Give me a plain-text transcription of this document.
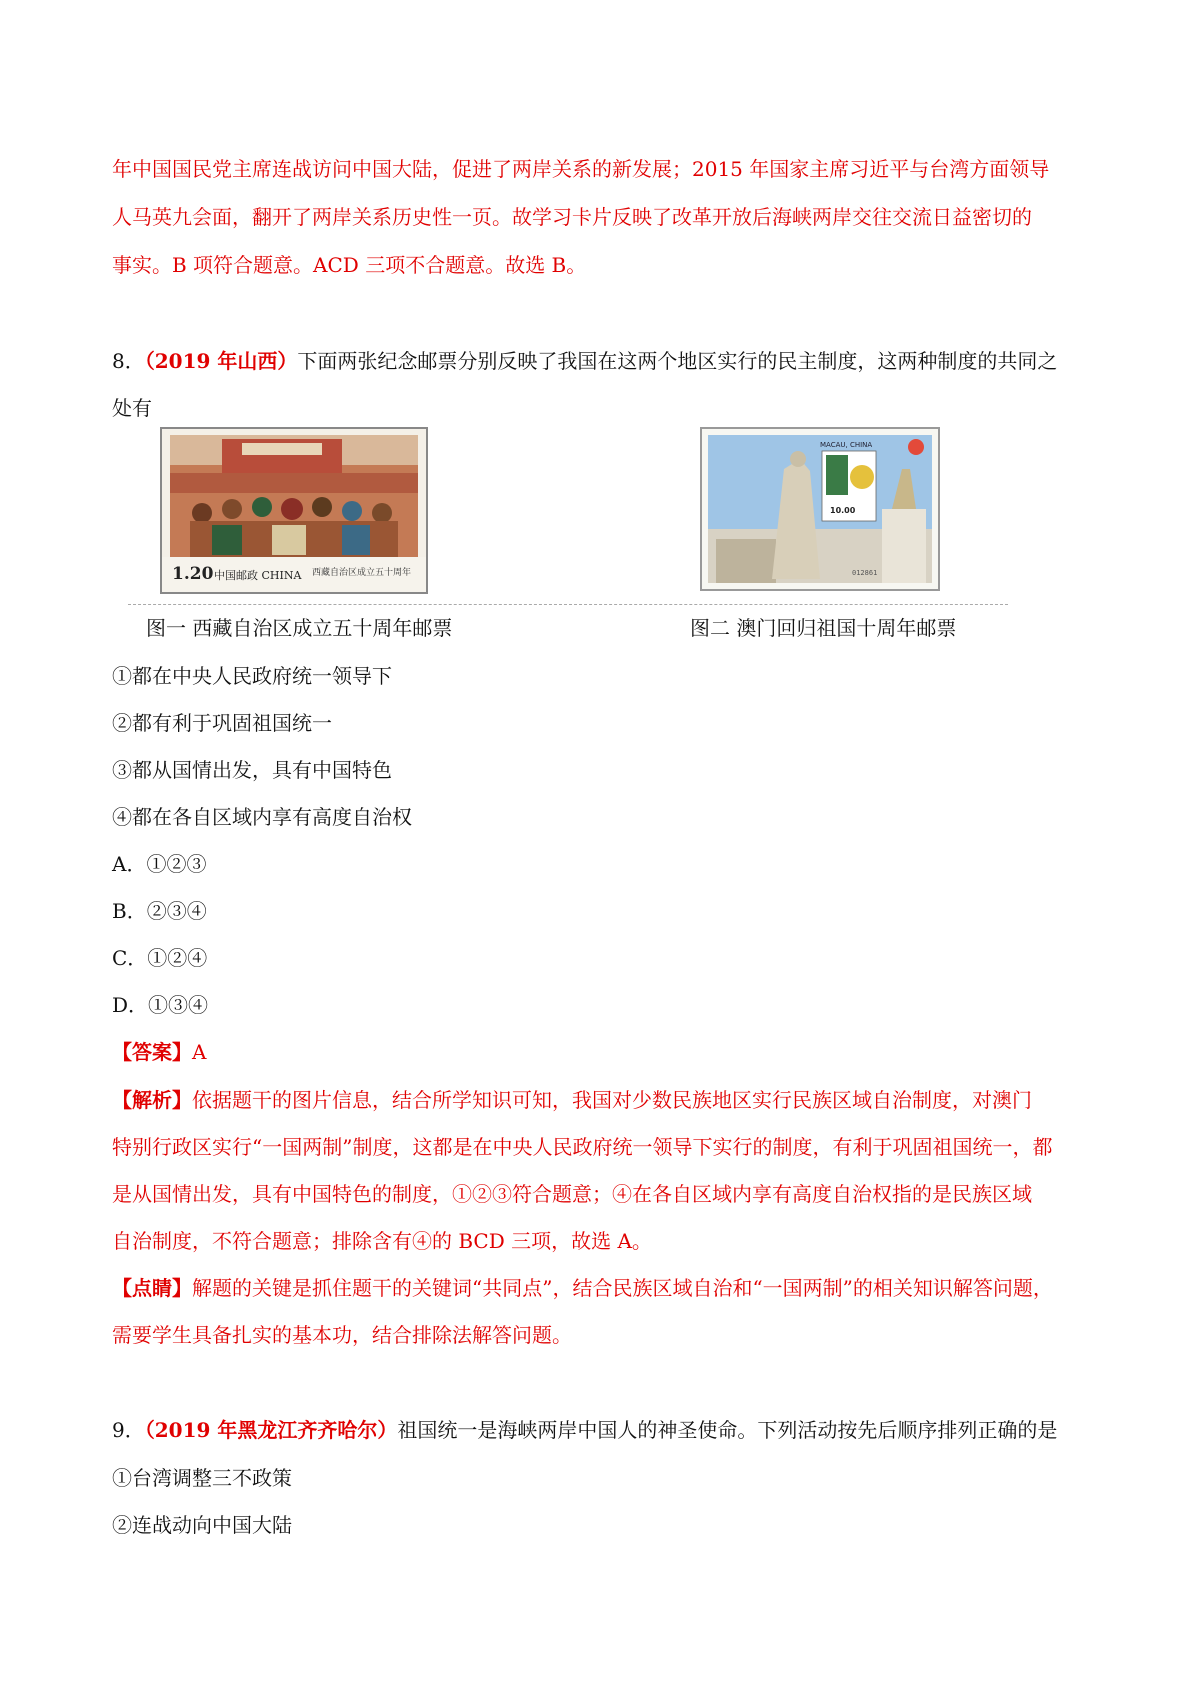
年中国国民党主席连战访问中国大陆，促进了两岸关系的新发展；2015 年国家主席习近平与台湾方面领导
人马英九会面，翻开了两岸关系历史性一页。故学习卡片反映了改革开放后海峡两岸交往交流日益密切的
事实。B 项符合题意。ACD 三项不合题意。故选 B。
8．（2019 年山西）下面两张纪念邮票分别反映了我国在这两个地区实行的民主制度，这两种制度的共同之
处有
1.20 中国邮政 CHINA 西藏自治区成立五十周年
10.00
MACAU, CHINA
012861
图一 西藏自治区成立五十周年邮票	图二 澳门回归祖国十周年邮票
①都在中央人民政府统一领导下
②都有利于巩固祖国统一
③都从国情出发，具有中国特色
④都在各自区域内享有高度自治权
A．①②③
B．②③④
C．①②④
D．①③④
【答案】A
【解析】依据题干的图片信息，结合所学知识可知，我国对少数民族地区实行民族区域自治制度，对澳门
特别行政区实行“一国两制”制度，这都是在中央人民政府统一领导下实行的制度，有利于巩固祖国统一，都
是从国情出发，具有中国特色的制度，①②③符合题意；④在各自区域内享有高度自治权指的是民族区域
自治制度，不符合题意；排除含有④的 BCD 三项，故选 A。
【点睛】解题的关键是抓住题干的关键词“共同点”，结合民族区域自治和“一国两制”的相关知识解答问题，
需要学生具备扎实的基本功，结合排除法解答问题。
9．（2019 年黑龙江齐齐哈尔）祖国统一是海峡两岸中国人的神圣使命。下列活动按先后顺序排列正确的是
①台湾调整三不政策
②连战动向中国大陆
